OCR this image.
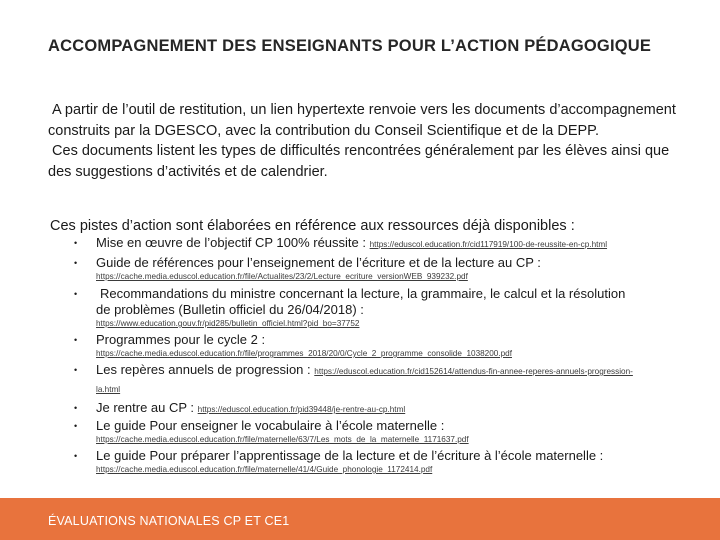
ACCOMPAGNEMENT DES ENSEIGNANTS POUR L’ACTION PÉDAGOGIQUE

A partir de l’outil de restitution, un lien hypertexte renvoie vers les documents d’accompagnement construits par la DGESCO, avec la contribution du Conseil Scientifique et de la DEPP.

Ces documents listent les types de difficultés rencontrées généralement par les élèves ainsi que des suggestions d’activités et de calendrier.

Ces pistes d’action sont élaborées en référence aux ressources déjà disponibles :
• Mise en œuvre de l’objectif CP 100% réussite : https://eduscol.education.fr/cid117919/100-de-reussite-en-cp.html
• Guide de références pour l’enseignement de l’écriture et de la lecture au CP :
https://cache.media.eduscol.education.fr/file/Actualites/23/2/Lecture_ecriture_versionWEB_939232.pdf
• Recommandations du ministre concernant la lecture, la grammaire, le calcul et la résolution de problèmes (Bulletin officiel du 26/04/2018) :
https://www.education.gouv.fr/pid285/bulletin_officiel.html?pid_bo=37752
• Programmes pour le cycle 2 :
https://cache.media.eduscol.education.fr/file/programmes_2018/20/0/Cycle_2_programme_consolide_1038200.pdf
• Les repères annuels de progression : https://eduscol.education.fr/cid152614/attendus-fin-annee-reperes-annuels-progression-la.html
• Je rentre au CP : https://eduscol.education.fr/pid39448/je-rentre-au-cp.html
• Le guide Pour enseigner le vocabulaire à l’école maternelle :
https://cache.media.eduscol.education.fr/file/maternelle/63/7/Les_mots_de_la_maternelle_1171637.pdf
• Le guide Pour préparer l’apprentissage de la lecture et de l’écriture à l’école maternelle :
https://cache.media.eduscol.education.fr/file/maternelle/41/4/Guide_phonologie_1172414.pdf
ÉVALUATIONS NATIONALES CP ET CE1
